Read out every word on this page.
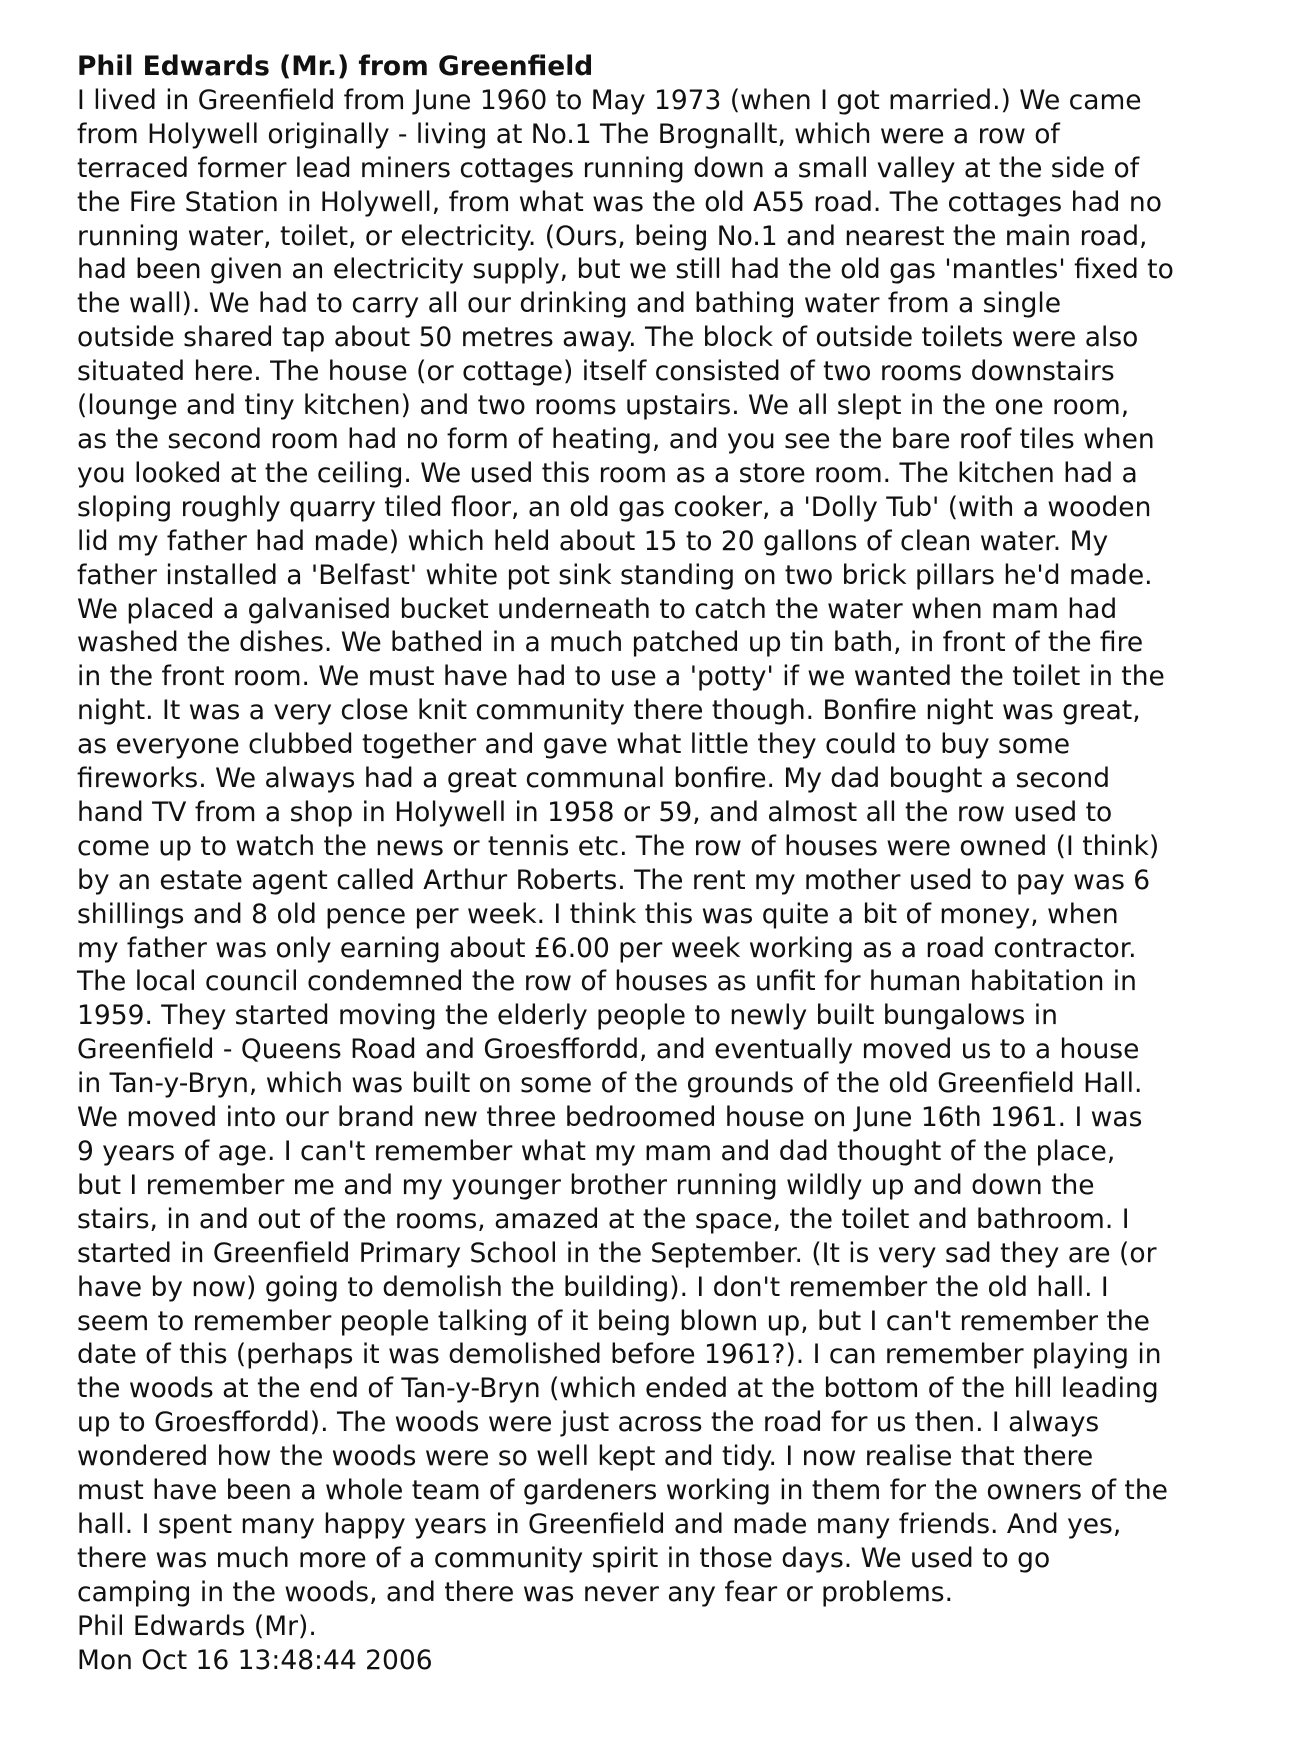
Phil Edwards (Mr.) from Greenfield
I lived in Greenfield from June 1960 to May 1973 (when I got married.) We came
from Holywell originally - living at No.1 The Brognallt, which were a row of
terraced former lead miners cottages running down a small valley at the side of
the Fire Station in Holywell, from what was the old A55 road. The cottages had no
running water, toilet, or electricity. (Ours, being No.1 and nearest the main road,
had been given an electricity supply, but we still had the old gas 'mantles' fixed to
the wall). We had to carry all our drinking and bathing water from a single
outside shared tap about 50 metres away. The block of outside toilets were also
situated here. The house (or cottage) itself consisted of two rooms downstairs
(lounge and tiny kitchen) and two rooms upstairs. We all slept in the one room,
as the second room had no form of heating, and you see the bare roof tiles when
you looked at the ceiling. We used this room as a store room. The kitchen had a
sloping roughly quarry tiled floor, an old gas cooker, a 'Dolly Tub' (with a wooden
lid my father had made) which held about 15 to 20 gallons of clean water. My
father installed a 'Belfast' white pot sink standing on two brick pillars he'd made.
We placed a galvanised bucket underneath to catch the water when mam had
washed the dishes. We bathed in a much patched up tin bath, in front of the fire
in the front room. We must have had to use a 'potty' if we wanted the toilet in the
night. It was a very close knit community there though. Bonfire night was great,
as everyone clubbed together and gave what little they could to buy some
fireworks. We always had a great communal bonfire. My dad bought a second
hand TV from a shop in Holywell in 1958 or 59, and almost all the row used to
come up to watch the news or tennis etc. The row of houses were owned (I think)
by an estate agent called Arthur Roberts. The rent my mother used to pay was 6
shillings and 8 old pence per week. I think this was quite a bit of money, when
my father was only earning about £6.00 per week working as a road contractor.
The local council condemned the row of houses as unfit for human habitation in
1959. They started moving the elderly people to newly built bungalows in
Greenfield - Queens Road and Groesffordd, and eventually moved us to a house
in Tan-y-Bryn, which was built on some of the grounds of the old Greenfield Hall.
We moved into our brand new three bedroomed house on June 16th 1961. I was
9 years of age. I can't remember what my mam and dad thought of the place,
but I remember me and my younger brother running wildly up and down the
stairs, in and out of the rooms, amazed at the space, the toilet and bathroom. I
started in Greenfield Primary School in the September. (It is very sad they are (or
have by now) going to demolish the building). I don't remember the old hall. I
seem to remember people talking of it being blown up, but I can't remember the
date of this (perhaps it was demolished before 1961?). I can remember playing in
the woods at the end of Tan-y-Bryn (which ended at the bottom of the hill leading
up to Groesffordd). The woods were just across the road for us then. I always
wondered how the woods were so well kept and tidy. I now realise that there
must have been a whole team of gardeners working in them for the owners of the
hall. I spent many happy years in Greenfield and made many friends. And yes,
there was much more of a community spirit in those days. We used to go
camping in the woods, and there was never any fear or problems.
Phil Edwards (Mr).
Mon Oct 16 13:48:44 2006
